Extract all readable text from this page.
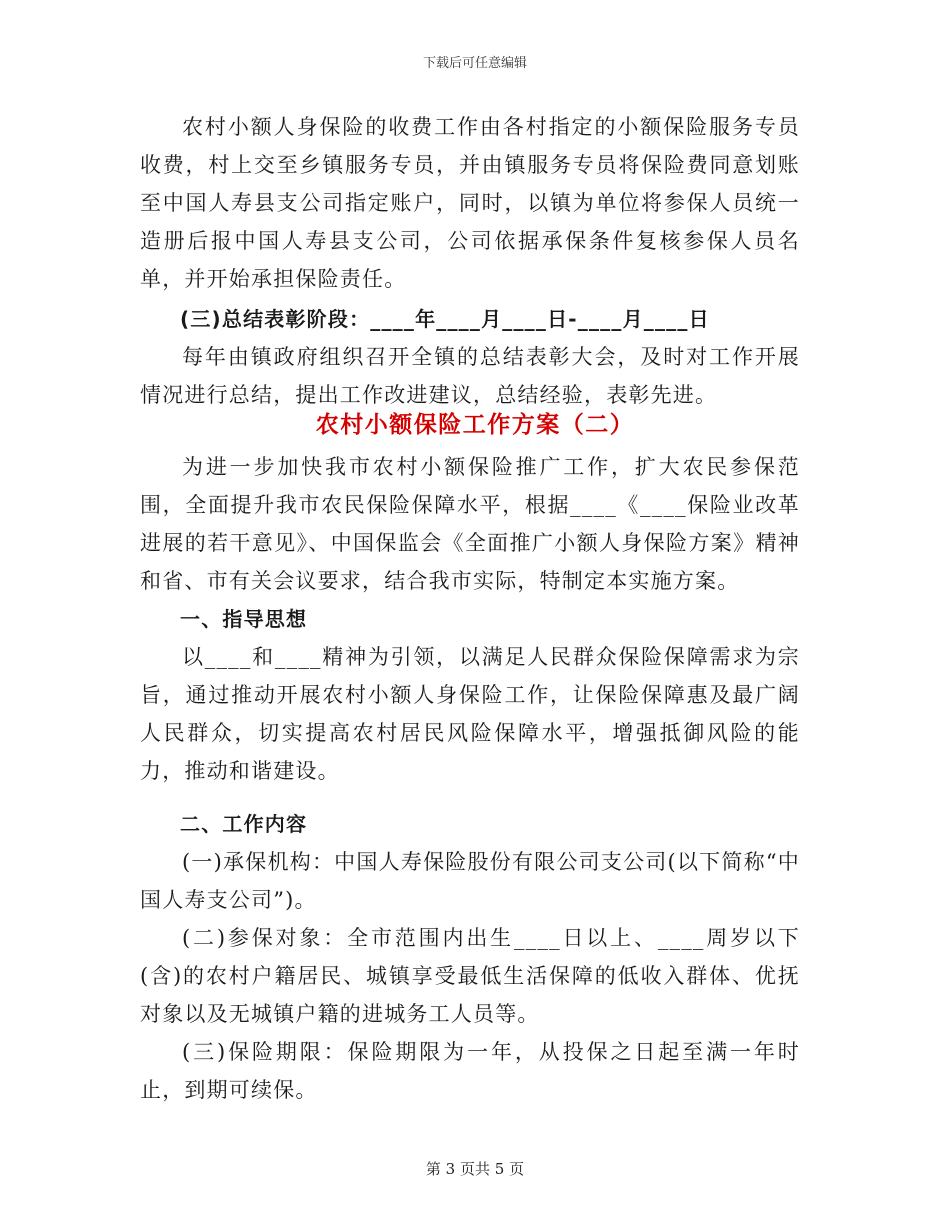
下载后可任意编辑

农村小额人身保险的收费工作由各村指定的小额保险服务专员收费，村上交至乡镇服务专员，并由镇服务专员将保险费同意划账至中国人寿县支公司指定账户，同时，以镇为单位将参保人员统一造册后报中国人寿县支公司，公司依据承保条件复核参保人员名单，并开始承担保险责任。

(三)总结表彰阶段：____年____月____日-____月____日

每年由镇政府组织召开全镇的总结表彰大会，及时对工作开展情况进行总结，提出工作改进建议，总结经验，表彰先进。

农村小额保险工作方案（二）

为进一步加快我市农村小额保险推广工作，扩大农民参保范围，全面提升我市农民保险保障水平，根据____《____保险业改革进展的若干意见》、中国保监会《全面推广小额人身保险方案》精神和省、市有关会议要求，结合我市实际，特制定本实施方案。

一、指导思想

以____和____精神为引领，以满足人民群众保险保障需求为宗旨，通过推动开展农村小额人身保险工作，让保险保障惠及最广阔人民群众，切实提高农村居民风险保障水平，增强抵御风险的能力，推动和谐建设。

二、工作内容

(一)承保机构：中国人寿保险股份有限公司支公司(以下简称“中国人寿支公司”)。

(二)参保对象：全市范围内出生____日以上、____周岁以下(含)的农村户籍居民、城镇享受最低生活保障的低收入群体、优抚对象以及无城镇户籍的进城务工人员等。

(三)保险期限：保险期限为一年，从投保之日起至满一年时止，到期可续保。

第 3 页共 5 页
